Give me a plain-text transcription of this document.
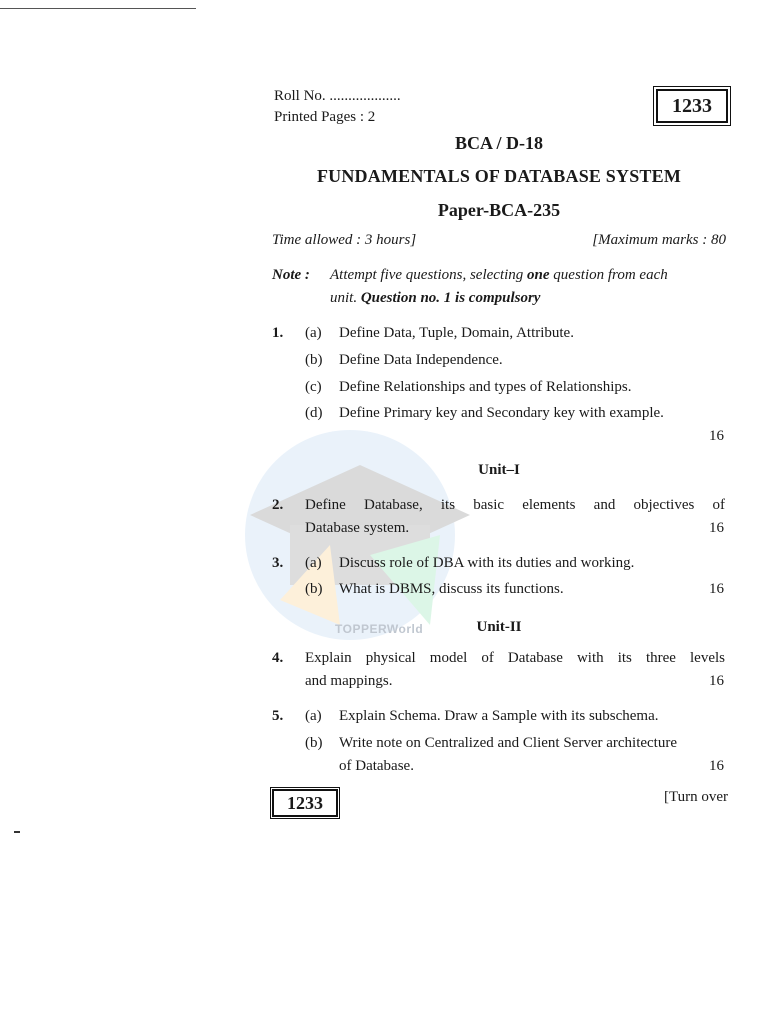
TOPPERWorld
Roll No. ...................
Printed Pages : 2	1233
BCA / D-18
FUNDAMENTALS OF DATABASE SYSTEM
Paper-BCA-235
Time allowed : 3 hours]	[Maximum marks : 80
Note : Attempt five questions, selecting one question from each
unit. Question no. 1 is compulsory
1. (a) Define Data, Tuple, Domain, Attribute.
(b) Define Data Independence.
(c) Define Relationships and types of Relationships.
(d) Define Primary key and Secondary key with example.
16
Unit–I
2. Define Database, its basic elements and objectives of
Database system.	16
3. (a) Discuss role of DBA with its duties and working.
(b) What is DBMS, discuss its functions.	16
Unit-II
4. Explain physical model of Database with its three levels
and mappings.	16
5. (a) Explain Schema. Draw a Sample with its subschema.
(b) Write note on Centralized and Client Server architecture
of Database.	16
1233	[Turn over
